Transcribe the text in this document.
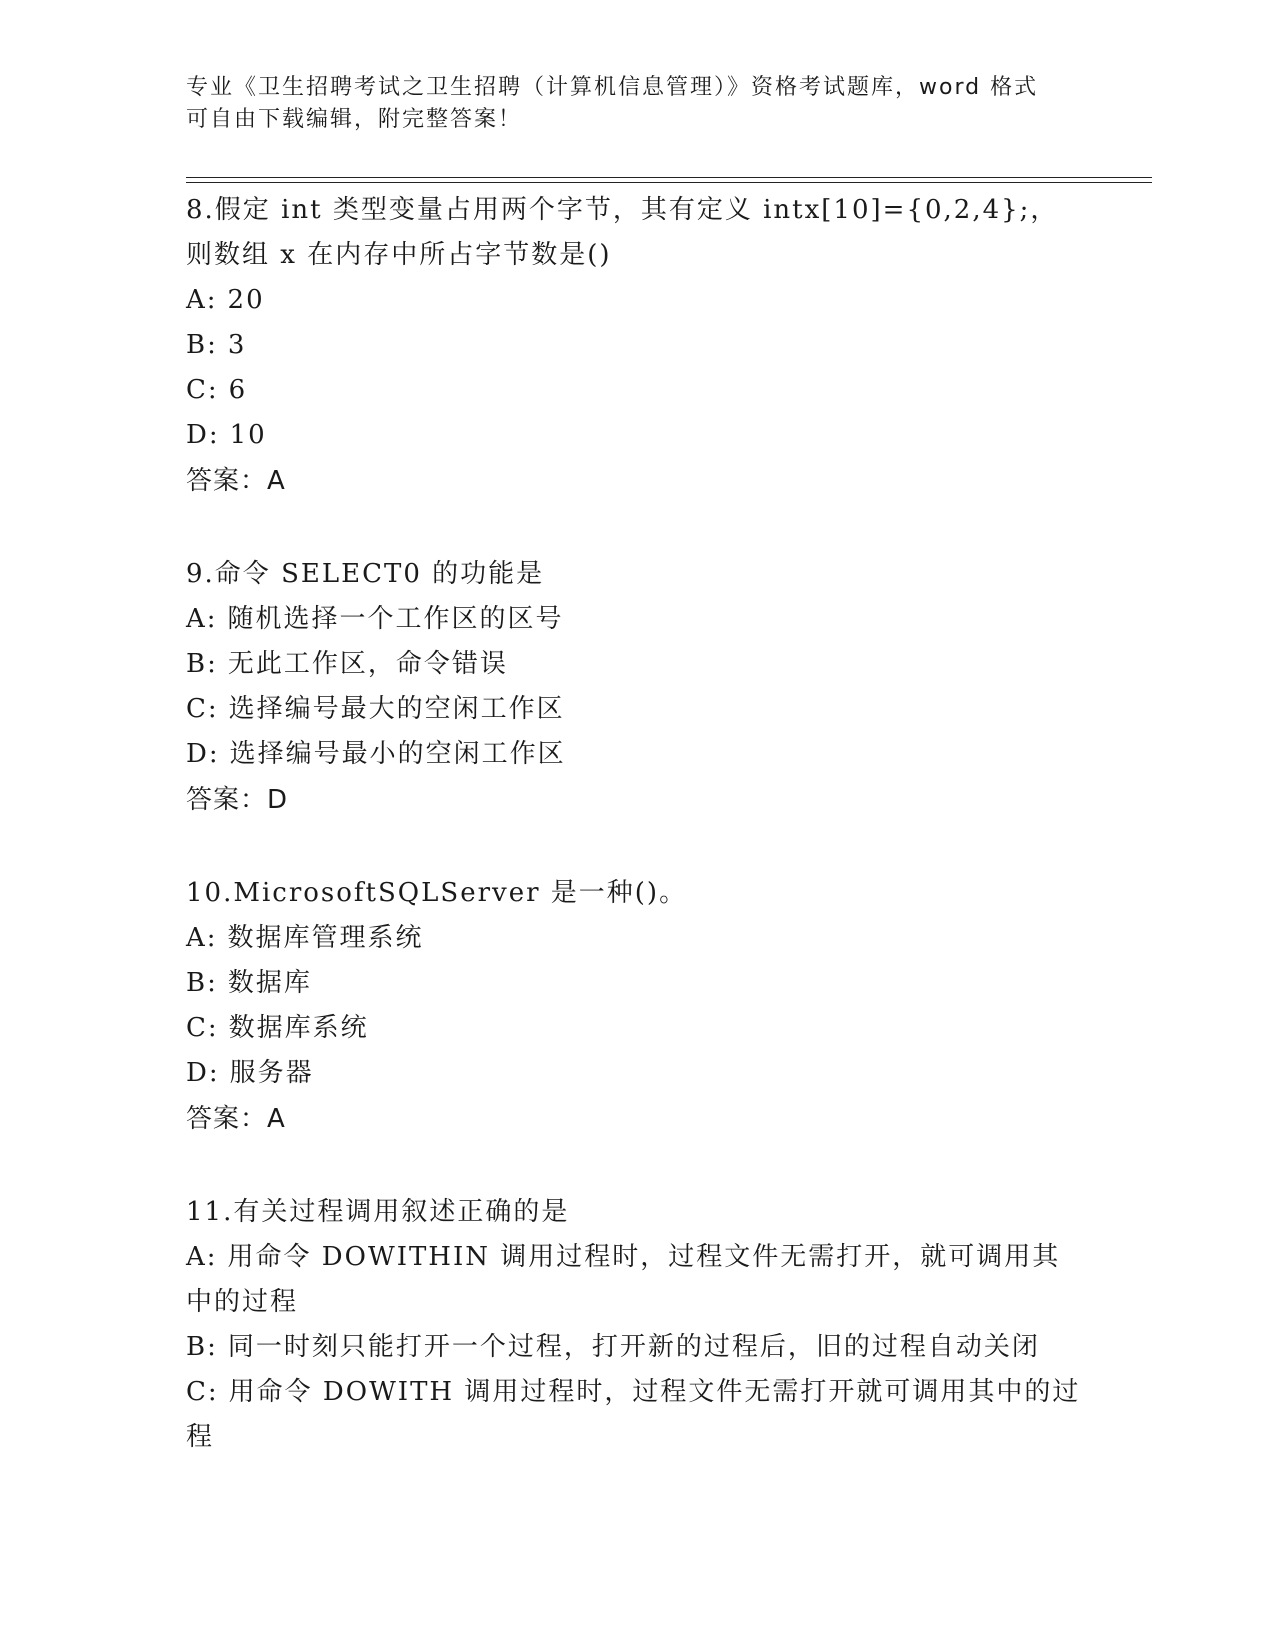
专业《卫生招聘考试之卫生招聘（计算机信息管理）》资格考试题库，word 格式
可自由下载编辑，附完整答案！

8.假定 int 类型变量占用两个字节，其有定义 intx[10]={0,2,4};，则数组 x 在内存中所占字节数是()

A: 20

B: 3

C: 6

D: 10

答案：A

9.命令 SELECT0 的功能是

A: 随机选择一个工作区的区号

B: 无此工作区，命令错误

C: 选择编号最大的空闲工作区

D: 选择编号最小的空闲工作区

答案：D

10.MicrosoftSQLServer 是一种()。

A: 数据库管理系统

B: 数据库

C: 数据库系统

D: 服务器

答案：A

11.有关过程调用叙述正确的是

A: 用命令 DOWITHIN 调用过程时，过程文件无需打开，就可调用其中的过程

B: 同一时刻只能打开一个过程，打开新的过程后，旧的过程自动关闭

C: 用命令 DOWITH 调用过程时，过程文件无需打开就可调用其中的过程
